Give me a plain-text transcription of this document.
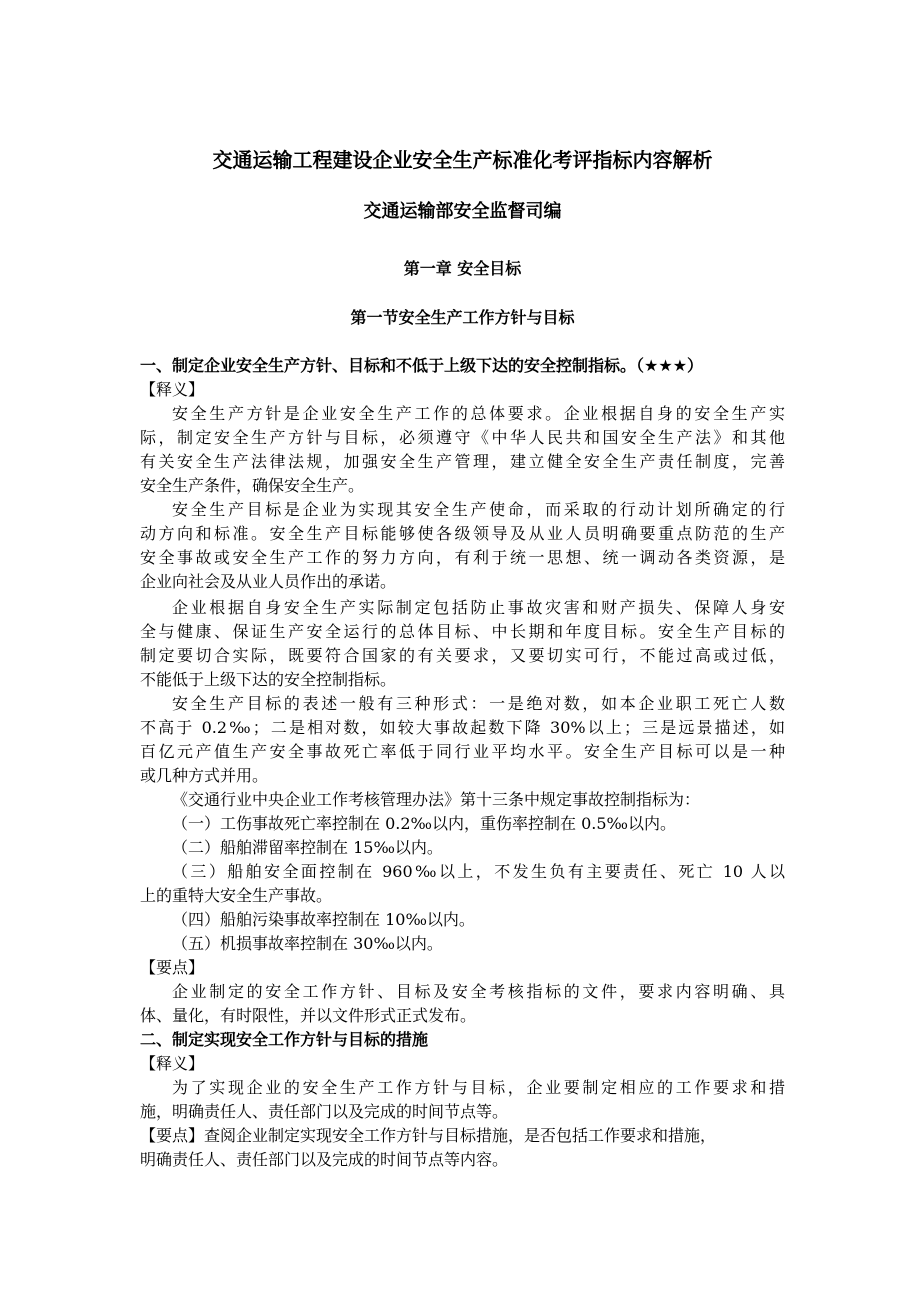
交通运输工程建设企业安全生产标准化考评指标内容解析
交通运输部安全监督司编
第一章 安全目标
第一节安全生产工作方针与目标
一、制定企业安全生产方针、目标和不低于上级下达的安全控制指标。（★★★）
【释义】
安全生产方针是企业安全生产工作的总体要求。企业根据自身的安全生产实
际，制定安全生产方针与目标，必须遵守《中华人民共和国安全生产法》和其他
有关安全生产法律法规，加强安全生产管理，建立健全安全生产责任制度，完善
安全生产条件，确保安全生产。
安全生产目标是企业为实现其安全生产使命，而采取的行动计划所确定的行
动方向和标准。安全生产目标能够使各级领导及从业人员明确要重点防范的生产
安全事故或安全生产工作的努力方向，有利于统一思想、统一调动各类资源，是
企业向社会及从业人员作出的承诺。
企业根据自身安全生产实际制定包括防止事故灾害和财产损失、保障人身安
全与健康、保证生产安全运行的总体目标、中长期和年度目标。安全生产目标的
制定要切合实际，既要符合国家的有关要求，又要切实可行，不能过高或过低，
不能低于上级下达的安全控制指标。
安全生产目标的表述一般有三种形式：一是绝对数，如本企业职工死亡人数
不高于 0.2‰；二是相对数，如较大事故起数下降 30%以上；三是远景描述，如
百亿元产值生产安全事故死亡率低于同行业平均水平。安全生产目标可以是一种
或几种方式并用。
《交通行业中央企业工作考核管理办法》第十三条中规定事故控制指标为：
（一）工伤事故死亡率控制在 0.2‰以内，重伤率控制在 0.5‰以内。
（二）船舶滞留率控制在 15‰以内。
（三）船舶安全面控制在 960‰以上，不发生负有主要责任、死亡 10 人以
上的重特大安全生产事故。
（四）船舶污染事故率控制在 10‰以内。
（五）机损事故率控制在 30‰以内。
【要点】
企业制定的安全工作方针、目标及安全考核指标的文件，要求内容明确、具
体、量化，有时限性，并以文件形式正式发布。
二、制定实现安全工作方针与目标的措施
【释义】
为了实现企业的安全生产工作方针与目标，企业要制定相应的工作要求和措
施，明确责任人、责任部门以及完成的时间节点等。
【要点】查阅企业制定实现安全工作方针与目标措施，是否包括工作要求和措施，
明确责任人、责任部门以及完成的时间节点等内容。
